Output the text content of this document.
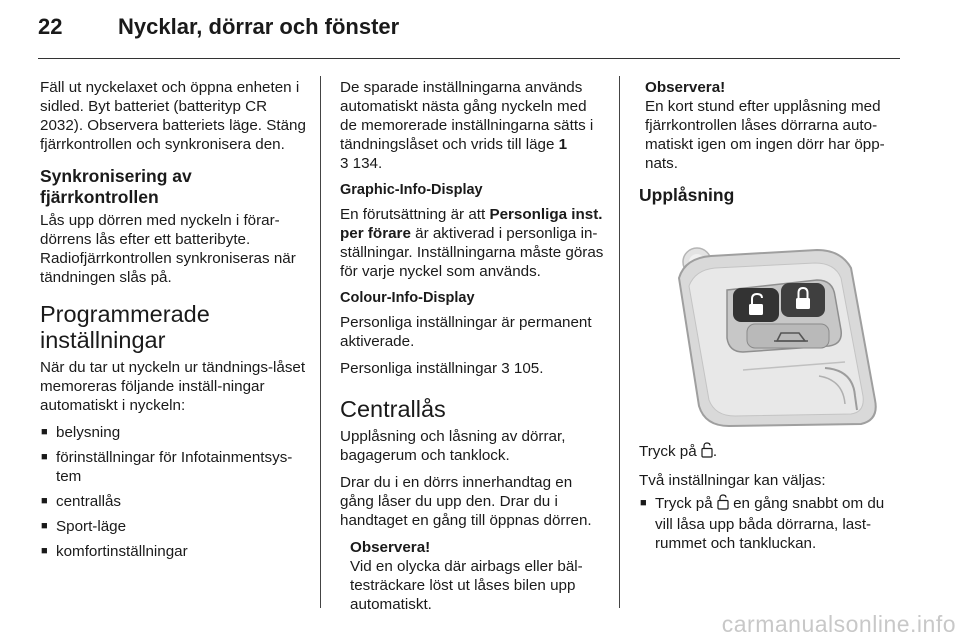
22	Nycklar, dörrar och fönster

Fäll ut nyckelaxet och öppna enheten i sidled. Byt batteriet (batterityp CR 2032). Observera batteriets läge. Stäng fjärrkontrollen och synkronisera den.

Synkronisering av fjärrkontrollen

Lås upp dörren med nyckeln i förar-dörrens lås efter ett batteribyte. Radiofjärrkontrollen synkroniseras när tändningen slås på.

Programmerade inställningar

När du tar ut nyckeln ur tändnings-låset memoreras följande inställ-ningar automatiskt i nyckeln:

■ belysning
■ förinställningar för Infotainmentsys-tem
■ centrallås
■ Sport-läge
■ komfortinställningar

De sparade inställningarna används automatiskt nästa gång nyckeln med de memorerade inställningarna sätts i tändningslåset och vrids till läge 1
3 134.

Graphic-Info-Display

En förutsättning är att Personliga inst. per förare är aktiverad i personliga in-ställningar. Inställningarna måste göras för varje nyckel som används.

Colour-Info-Display

Personliga inställningar är permanent aktiverade.

Personliga inställningar 3 105.

Centrallås

Upplåsning och låsning av dörrar, bagagerum och tanklock.

Drar du i en dörrs innerhandtag en gång låser du upp den. Drar du i handtaget en gång till öppnas dörren.

Observera!
Vid en olycka där airbags eller bäl-testräckare löst ut låses bilen upp automatiskt.
Observera!
En kort stund efter upplåsning med fjärrkontrollen låses dörrarna auto-matiskt igen om ingen dörr har öpp-nats.
Upplåsning

Tryck på .

Två inställningar kan väljas:

■ Tryck på  en gång snabbt om du vill låsa upp båda dörrarna, last-rummet och tankluckan.
carmanualsonline.info
